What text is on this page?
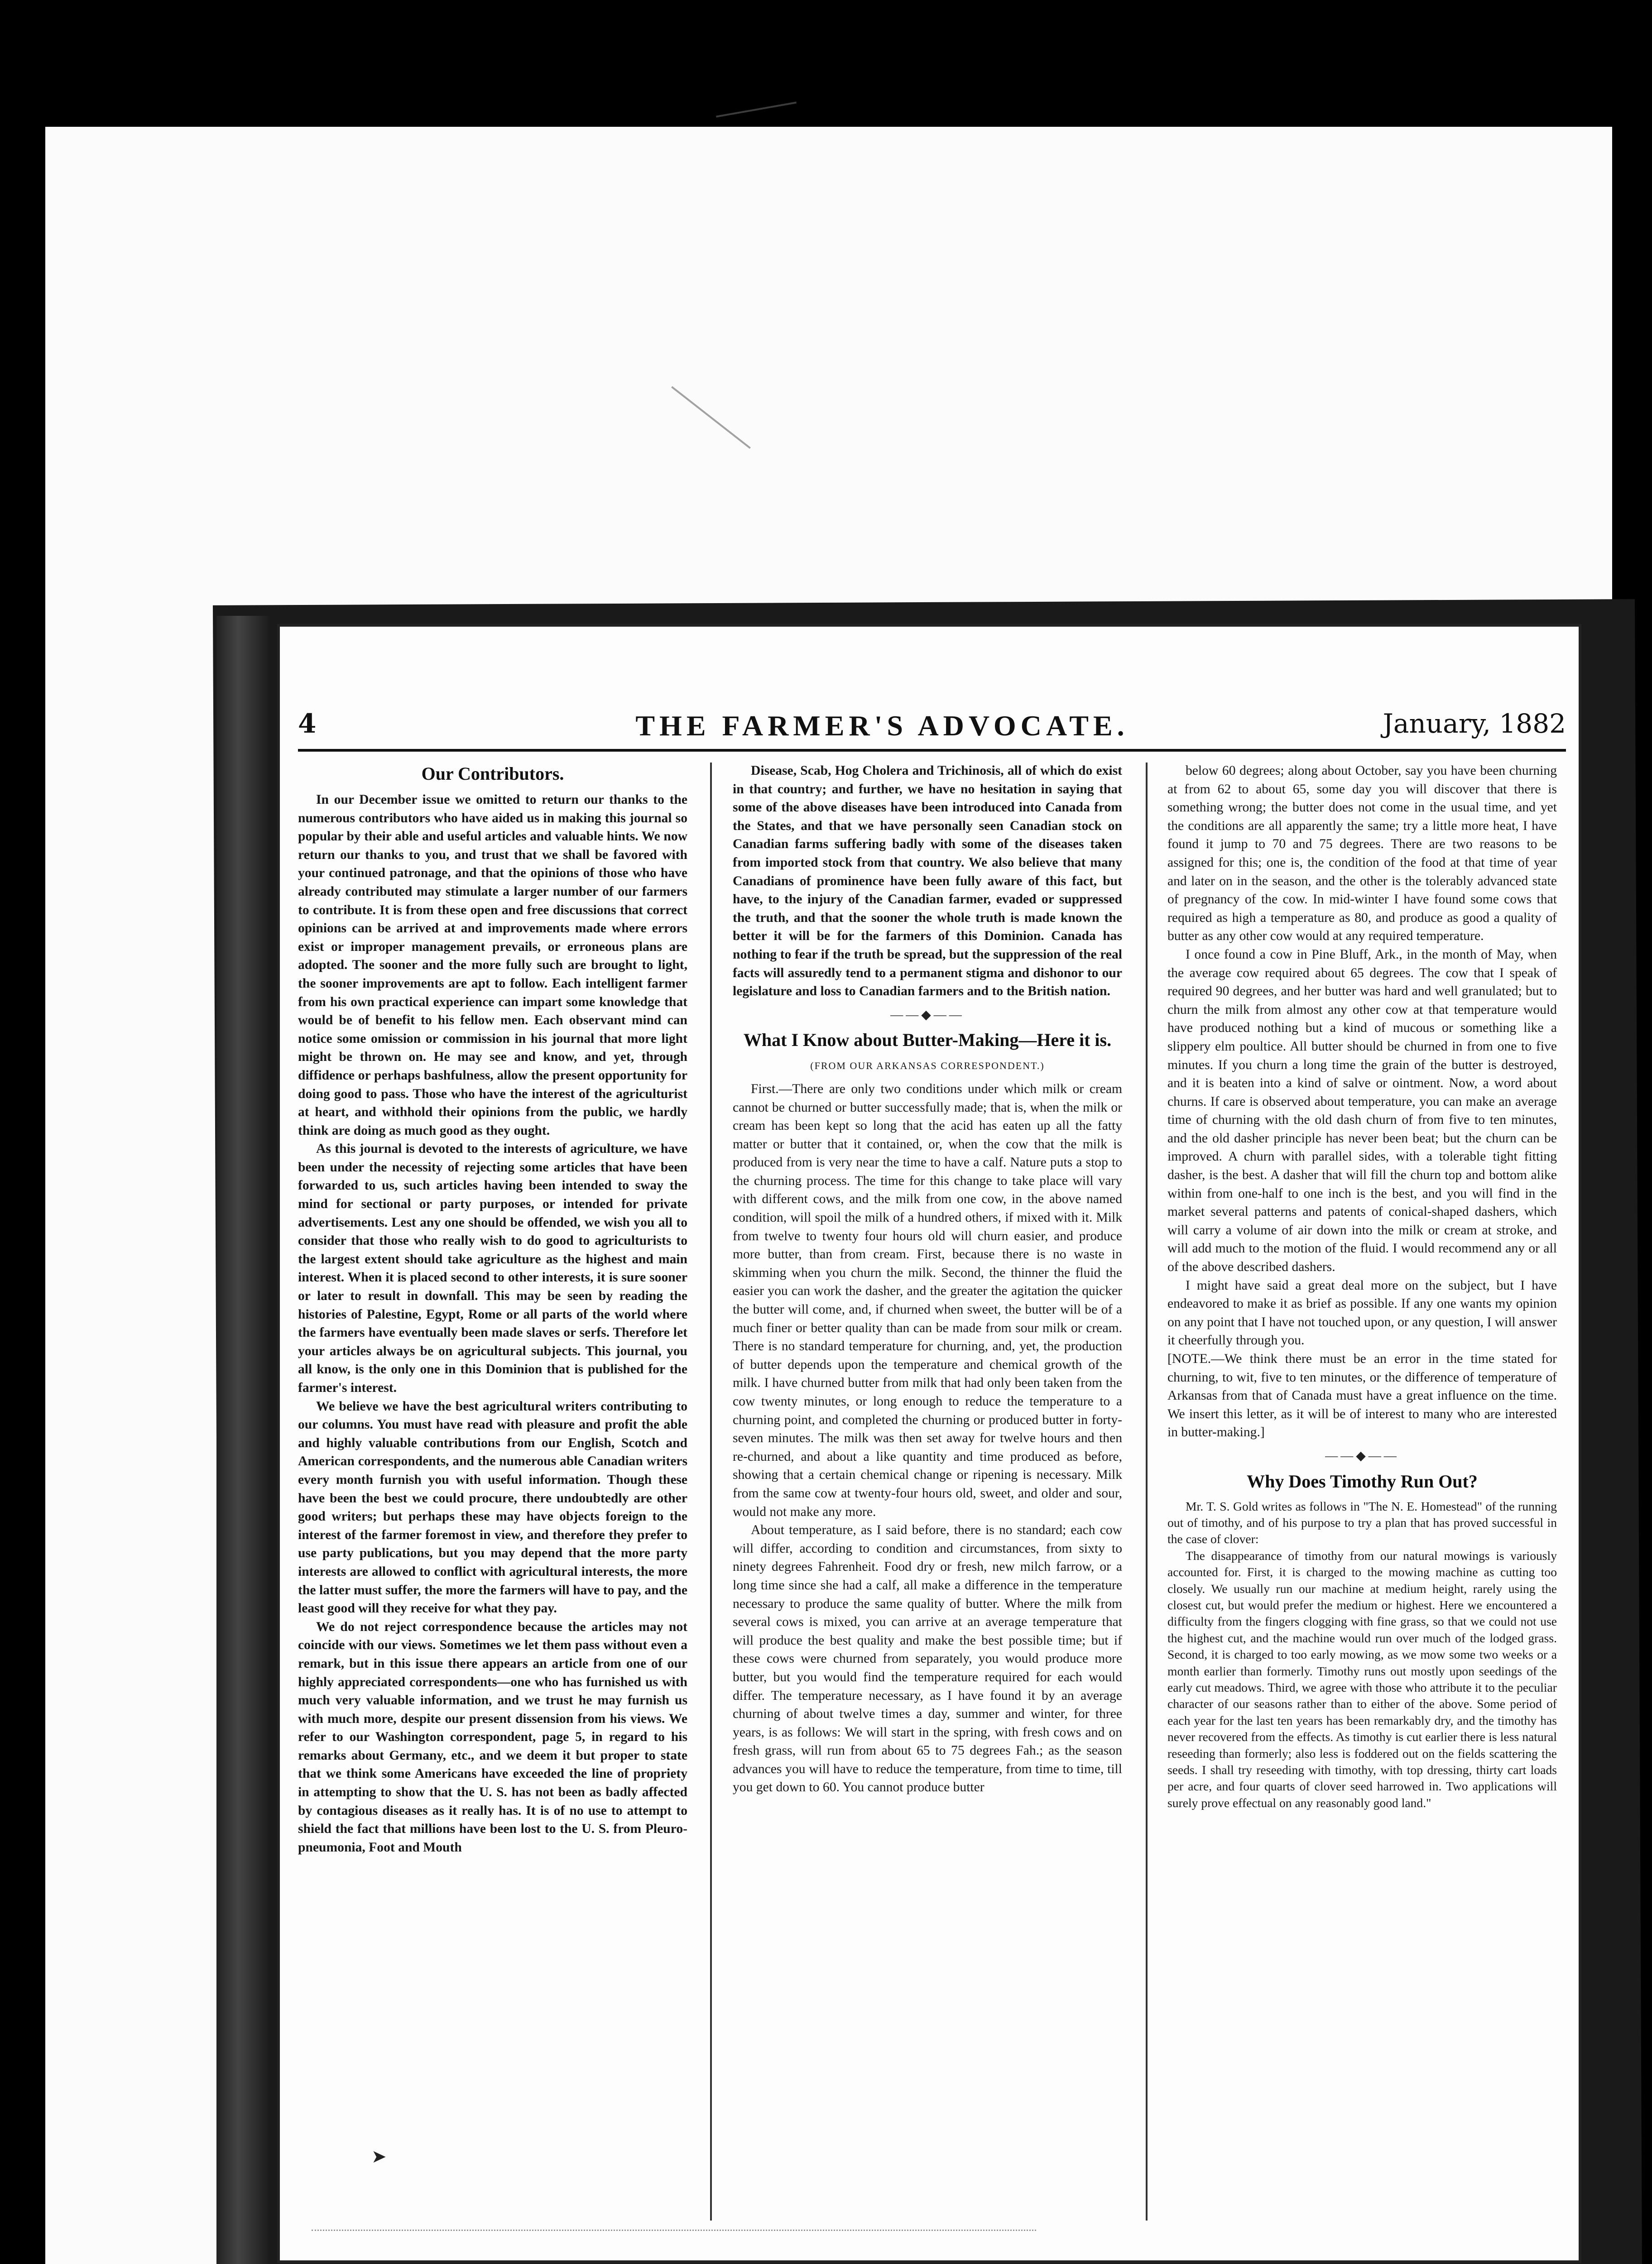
4	THE FARMER'S ADVOCATE.	January, 1882
Our Contributors.

In our December issue we omitted to return our thanks to the numerous contributors who have aided us in making this journal so popular by their able and useful articles and valuable hints. We now return our thanks to you, and trust that we shall be favored with your continued patronage, and that the opinions of those who have already contributed may stimulate a larger number of our farmers to contribute. It is from these open and free discussions that correct opinions can be arrived at and improvements made where errors exist or improper management prevails, or erroneous plans are adopted. The sooner and the more fully such are brought to light, the sooner improvements are apt to follow. Each intelligent farmer from his own practical experience can impart some knowledge that would be of benefit to his fellow men. Each observant mind can notice some omission or commission in his journal that more light might be thrown on. He may see and know, and yet, through diffidence or perhaps bashfulness, allow the present opportunity for doing good to pass. Those who have the interest of the agriculturist at heart, and withhold their opinions from the public, we hardly think are doing as much good as they ought.

As this journal is devoted to the interests of agriculture, we have been under the necessity of rejecting some articles that have been forwarded to us, such articles having been intended to sway the mind for sectional or party purposes, or intended for private advertisements. Lest any one should be offended, we wish you all to consider that those who really wish to do good to agriculturists to the largest extent should take agriculture as the highest and main interest. When it is placed second to other interests, it is sure sooner or later to result in downfall. This may be seen by reading the histories of Palestine, Egypt, Rome or all parts of the world where the farmers have eventually been made slaves or serfs. Therefore let your articles always be on agricultural subjects. This journal, you all know, is the only one in this Dominion that is published for the farmer's interest.

We believe we have the best agricultural writers contributing to our columns. You must have read with pleasure and profit the able and highly valuable contributions from our English, Scotch and American correspondents, and the numerous able Canadian writers every month furnish you with useful information. Though these have been the best we could procure, there undoubtedly are other good writers; but perhaps these may have objects foreign to the interest of the farmer foremost in view, and therefore they prefer to use party publications, but you may depend that the more party interests are allowed to conflict with agricultural interests, the more the latter must suffer, the more the farmers will have to pay, and the least good will they receive for what they pay.

We do not reject correspondence because the articles may not coincide with our views. Sometimes we let them pass without even a remark, but in this issue there appears an article from one of our highly appreciated correspondents—one who has furnished us with much very valuable information, and we trust he may furnish us with much more, despite our present dissension from his views. We refer to our Washington correspondent, page 5, in regard to his remarks about Germany, etc., and we deem it but proper to state that we think some Americans have exceeded the line of propriety in attempting to show that the U. S. has not been as badly affected by contagious diseases as it really has. It is of no use to attempt to shield the fact that millions have been lost to the U. S. from Pleuro-pneumonia, Foot and Mouth

Disease, Scab, Hog Cholera and Trichinosis, all of which do exist in that country; and further, we have no hesitation in saying that some of the above diseases have been introduced into Canada from the States, and that we have personally seen Canadian stock on Canadian farms suffering badly with some of the diseases taken from imported stock from that country. We also believe that many Canadians of prominence have been fully aware of this fact, but have, to the injury of the Canadian farmer, evaded or suppressed the truth, and that the sooner the whole truth is made known the better it will be for the farmers of this Dominion. Canada has nothing to fear if the truth be spread, but the suppression of the real facts will assuredly tend to a permanent stigma and dishonor to our legislature and loss to Canadian farmers and to the British nation.

——◆——
What I Know about Butter-Making—Here it is.
(FROM OUR ARKANSAS CORRESPONDENT.)

First.—There are only two conditions under which milk or cream cannot be churned or butter successfully made; that is, when the milk or cream has been kept so long that the acid has eaten up all the fatty matter or butter that it contained, or, when the cow that the milk is produced from is very near the time to have a calf. Nature puts a stop to the churning process. The time for this change to take place will vary with different cows, and the milk from one cow, in the above named condition, will spoil the milk of a hundred others, if mixed with it. Milk from twelve to twenty four hours old will churn easier, and produce more butter, than from cream. First, because there is no waste in skimming when you churn the milk. Second, the thinner the fluid the easier you can work the dasher, and the greater the agitation the quicker the butter will come, and, if churned when sweet, the butter will be of a much finer or better quality than can be made from sour milk or cream. There is no standard temperature for churning, and, yet, the production of butter depends upon the temperature and chemical growth of the milk. I have churned butter from milk that had only been taken from the cow twenty minutes, or long enough to reduce the temperature to a churning point, and completed the churning or produced butter in forty-seven minutes. The milk was then set away for twelve hours and then re-churned, and about a like quantity and time produced as before, showing that a certain chemical change or ripening is necessary. Milk from the same cow at twenty-four hours old, sweet, and older and sour, would not make any more.

About temperature, as I said before, there is no standard; each cow will differ, according to condition and circumstances, from sixty to ninety degrees Fahrenheit. Food dry or fresh, new milch farrow, or a long time since she had a calf, all make a difference in the temperature necessary to produce the same quality of butter. Where the milk from several cows is mixed, you can arrive at an average temperature that will produce the best quality and make the best possible time; but if these cows were churned from separately, you would produce more butter, but you would find the temperature required for each would differ. The temperature necessary, as I have found it by an average churning of about twelve times a day, summer and winter, for three years, is as follows: We will start in the spring, with fresh cows and on fresh grass, will run from about 65 to 75 degrees Fah.; as the season advances you will have to reduce the temperature, from time to time, till you get down to 60. You cannot produce butter

below 60 degrees; along about October, say you have been churning at from 62 to about 65, some day you will discover that there is something wrong; the butter does not come in the usual time, and yet the conditions are all apparently the same; try a little more heat, I have found it jump to 70 and 75 degrees. There are two reasons to be assigned for this; one is, the condition of the food at that time of year and later on in the season, and the other is the tolerably advanced state of pregnancy of the cow. In mid-winter I have found some cows that required as high a temperature as 80, and produce as good a quality of butter as any other cow would at any required temperature.

I once found a cow in Pine Bluff, Ark., in the month of May, when the average cow required about 65 degrees. The cow that I speak of required 90 degrees, and her butter was hard and well granulated; but to churn the milk from almost any other cow at that temperature would have produced nothing but a kind of mucous or something like a slippery elm poultice. All butter should be churned in from one to five minutes. If you churn a long time the grain of the butter is destroyed, and it is beaten into a kind of salve or ointment. Now, a word about churns. If care is observed about temperature, you can make an average time of churning with the old dash churn of from five to ten minutes, and the old dasher principle has never been beat; but the churn can be improved. A churn with parallel sides, with a tolerable tight fitting dasher, is the best. A dasher that will fill the churn top and bottom alike within from one-half to one inch is the best, and you will find in the market several patterns and patents of conical-shaped dashers, which will carry a volume of air down into the milk or cream at stroke, and will add much to the motion of the fluid. I would recommend any or all of the above described dashers.

I might have said a great deal more on the subject, but I have endeavored to make it as brief as possible. If any one wants my opinion on any point that I have not touched upon, or any question, I will answer it cheerfully through you.

[NOTE.—We think there must be an error in the time stated for churning, to wit, five to ten minutes, or the difference of temperature of Arkansas from that of Canada must have a great influence on the time. We insert this letter, as it will be of interest to many who are interested in butter-making.]

——◆——
Why Does Timothy Run Out?

Mr. T. S. Gold writes as follows in "The N. E. Homestead" of the running out of timothy, and of his purpose to try a plan that has proved successful in the case of clover:

The disappearance of timothy from our natural mowings is variously accounted for. First, it is charged to the mowing machine as cutting too closely. We usually run our machine at medium height, rarely using the closest cut, but would prefer the medium or highest. Here we encountered a difficulty from the fingers clogging with fine grass, so that we could not use the highest cut, and the machine would run over much of the lodged grass. Second, it is charged to too early mowing, as we mow some two weeks or a month earlier than formerly. Timothy runs out mostly upon seedings of the early cut meadows. Third, we agree with those who attribute it to the peculiar character of our seasons rather than to either of the above. Some period of each year for the last ten years has been remarkably dry, and the timothy has never recovered from the effects. As timothy is cut earlier there is less natural reseeding than formerly; also less is foddered out on the fields scattering the seeds. I shall try reseeding with timothy, with top dressing, thirty cart loads per acre, and four quarts of clover seed harrowed in. Two applications will surely prove effectual on any reasonably good land."

➤
